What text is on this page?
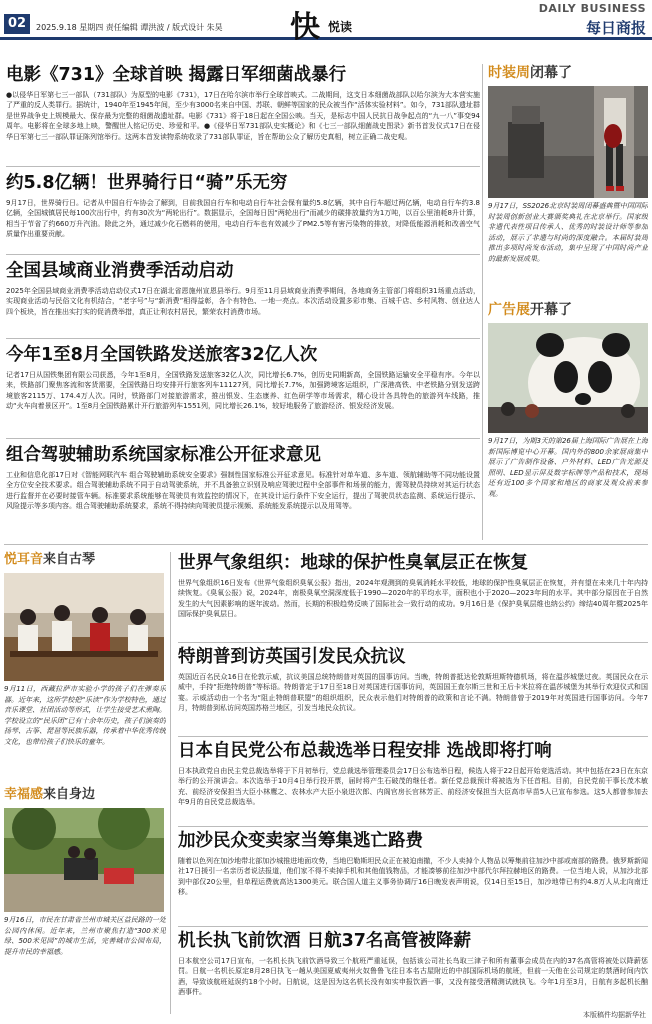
02	2025.9.18 星期四 责任编辑 谭洪波 / 版式设计 朱昊 快 悦读
DAILY BUSINESS
每日商报
电影《731》全球首映 揭露日军细菌战暴行

●以侵华日军第七三一部队（731部队）为原型的电影《731》，17日在哈尔滨市举行全球首映式。二战期间，这支日本细菌战部队以哈尔滨为大本营实施了严重的反人类罪行。据统计，1940年至1945年间，至少有3000名来自中国、苏联、朝鲜等国家的民众被当作“活体实验材料”。如今，731部队遗址群是世界战争史上规模最大、保存最为完整的细菌战遗址群。电影《731》将于18日起在全国公映。当天，是标志中国人民抗日战争起点的“九一八”事变94周年。电影将在全球多地上映，警醒世人铭记历史、珍爱和平。●《侵华日军731部队史实概论》和《七三一部队细菌战史图录》新书首发仪式17日在侵华日军第七三一部队罪证陈列馆举行。这两本首发读物系统收录了731部队罪证，旨在帮助公众了解历史真相，树立正确二战史观。

约5.8亿辆！世界骑行日“骑”乐无穷

9月17日，世界骑行日。记者从中国自行车协会了解到，目前我国自行车和电动自行车社会保有量约5.8亿辆，其中自行车超过两亿辆，电动自行车约3.8亿辆，全国城镇居民每100次出行中，约有30次为“两轮出行”。数据显示，全国每日因“两轮出行”而减少的碳排放量约为1万吨，以百公里油耗8升计算，相当于节省了约660万升汽油。除此之外，通过减少化石燃料的使用，电动自行车也有效减少了PM2.5等有害污染物的排放，对降低能源消耗和改善空气质量作出重要贡献。

全国县域商业消费季活动启动

2025年全国县域商业消费季活动启动仪式17日在湖北省恩施州宣恩县举行。9月至11月县域商业消费季期间，各地商务主管部门将组织31场重点活动，实现商业活动与民俗文化有机结合，“老字号”与“新消费”相得益彰，各个有特色、一地一亮点。本次活动设置多彩市集、百城千店、乡村风物、创业达人四个板块，旨在推出实打实的促消费举措，真正让利农村居民，繁荣农村消费市场。

今年1至8月全国铁路发送旅客32亿人次

记者17日从国铁集团有限公司获悉，今年1至8月，全国铁路发送旅客32亿人次，同比增长6.7%，创历史同期新高，全国铁路运输安全平稳有序。今年以来，铁路部门聚焦客流和客货需要，全国铁路日均安排开行旅客列车11127列，同比增长7.7%，加强跨境客运组织，广深港高铁、中老铁路分别发送跨境旅客2115万、174.4万人次。同时，铁路部门对接旅游需求，推出银发、生态康养、红色研学等市场需求，精心设计各具特色的旅游列车线路，推动“火车向着景区开”。1至8月全国铁路累计开行旅游列车1551列，同比增长26.1%，较好地服务了旅游经济、银发经济发展。

组合驾驶辅助系统国家标准公开征求意见

工业和信息化部17日对《智能网联汽车 组合驾驶辅助系统安全要求》强制性国家标准公开征求意见。标准针对单车道、多车道、领航辅助等不同功能设置全方位安全技术要求。组合驾驶辅助系统不同于自动驾驶系统，并不具备独立识别及响应驾驶过程中全部事件和场景的能力，需驾驶员持续对其运行状态进行监督并在必要时接管车辆。标准要求系统能够在驾驶员有效监控的情况下，在其设计运行条件下安全运行，提出了驾驶员状态监测、系统运行提示、风险提示等多项内容。组合驾驶辅助系统要求，系统不得持续向驾驶员提示视频、系统能发系统提示以及用驾等。

时装周闭幕了
9月17日，SS2026北京时装周闭幕盛典暨中国国际时装周创新创业大赛颁奖典礼在北京举行。国家级非遗代表性项目传承人、优秀的时装设计师等参加活动，展示了非遗与时尚的深度融合。本届时装周推出多项时尚发布活动，集中呈现了中国时尚产业的最新发展成果。
广告展开幕了
9月17日，为期3天的第26届上海国际广告展在上海新国际博览中心开幕。国内外的800余家展商集中展示了广告制作设备、户外材料、LED广告光源及照明、LED显示屏及数字标牌等产品和技术，现场还有近100多个国家和地区的商家及观众前来参观。
悦耳音来自古琴
9月11日，西藏拉萨市实验小学的孩子们在弹奏乐器。近年来，这所学校把“乐读”作为学校特色，通过音乐课堂、社团活动等形式，让学生接受艺术熏陶。学校设立的“民乐团”已有十余年历史，孩子们演奏的扬琴、古筝、琵琶等民族乐器，传承着中华优秀传统文化，也带给孩子们快乐的童年。
幸福感来自身边
9月16日，市民在甘肃省兰州市城关区益民路的一处公园内休闲。近年来，兰州市聚焦打造“300米见绿、500米见园”的城市生活，完善城市公园布局，提升市民的幸福感。
世界气象组织：地球的保护性臭氧层正在恢复

世界气象组织16日发布《世界气象组织臭氧公报》指出，2024年观测到的臭氧消耗水平较低，地球的保护性臭氧层正在恢复，并有望在未来几十年内持续恢复。《臭氧公报》说，2024年，南极臭氧空洞深度低于1990—2020年的平均水平，面积也小于2020—2023年间的水平。其中部分原因在于自然发生的大气因素影响的逐年波动。然而，长期的积极趋势反映了国际社会一致行动的成功。9月16日是《保护臭氧层维也纳公约》缔结40周年暨2025年国际保护臭氧层日。

特朗普到访英国引发民众抗议

英国近百名民众16日在伦敦示威，抗议美国总统特朗普对英国的国事访问。当晚，特朗普抵达伦敦斯坦斯特德机场，将在温莎城堡过夜。英国民众在示威中，手持“拒绝特朗普”等标语。特朗普定于17日至18日对英国进行国事访问，英国国王查尔斯三世和王后卡米拉将在温莎城堡为其举行欢迎仪式和国宴。示威活动由一个名为“阻止特朗普联盟”的组织组织，民众表示他们对特朗普的政策和言论不满。特朗普曾于2019年对英国进行国事访问。今年7月，特朗普到私访问英国苏格兰地区，引发当地民众抗议。

日本自民党公布总裁选举日程安排 选战即将打响

日本执政党自由民主党总裁选举将于下月初举行，党总裁选举管理委员会17日公布选举日程，候选人将于22日起开始竞选活动。其中包括在23日在东京举行的公开演讲会。本次选举于10月4日举行投开票，届时将产生石破茂的继任者。新任党总裁预计将被选为下任首相。目前，自民党前干事长茂木敏充、前经济安保担当大臣小林鹰之、农林水产大臣小泉进次郎、内阁官房长官林芳正、前经济安保担当大臣高市早苗5人已宣布参选。这5人都曾参加去年9月的自民党总裁选举。

加沙民众变卖家当筹集逃亡路费

随着以色列在加沙地带北部加沙城推进地面攻势，当地巴勒斯坦民众正在被迫南撤，不少人卖掉个人物品以筹集前往加沙中部或南部的路费。俄罗斯新闻社17日援引一名亲历者说法报道，他们家不得不卖掉手机和其他值钱物品，才能凑够前往加沙中部代尔拜拉赫地区的路费。一位当地人说，从加沙北部到中部仅20公里，但单程运费就高达1300美元。联合国人道主义事务协调厅16日晚发表声明说，仅14日至15日，加沙地带已有约4.8万人从北向南迁移。

机长执飞前饮酒 日航37名高管被降薪

日本航空公司17日宣布，一名机长执飞前饮酒导致三个航班严重延误，包括该公司社长鸟取三津子和所有董事会成员在内的37名高管将被处以降薪惩罚。日航一名机长原定8月28日执飞一趟从美国夏威夷州火奴鲁鲁飞往日本名古屋附近的中部国际机场的航班，但前一天他在公司规定的禁酒时间内饮酒，导致该航班延误约18个小时。日航说，这是因为这名机长没有如实申报饮酒一事，又没有接受酒精测试就执飞。今年1月至3月，日航有多起机长酗酒事件。

本版稿件均据新华社
